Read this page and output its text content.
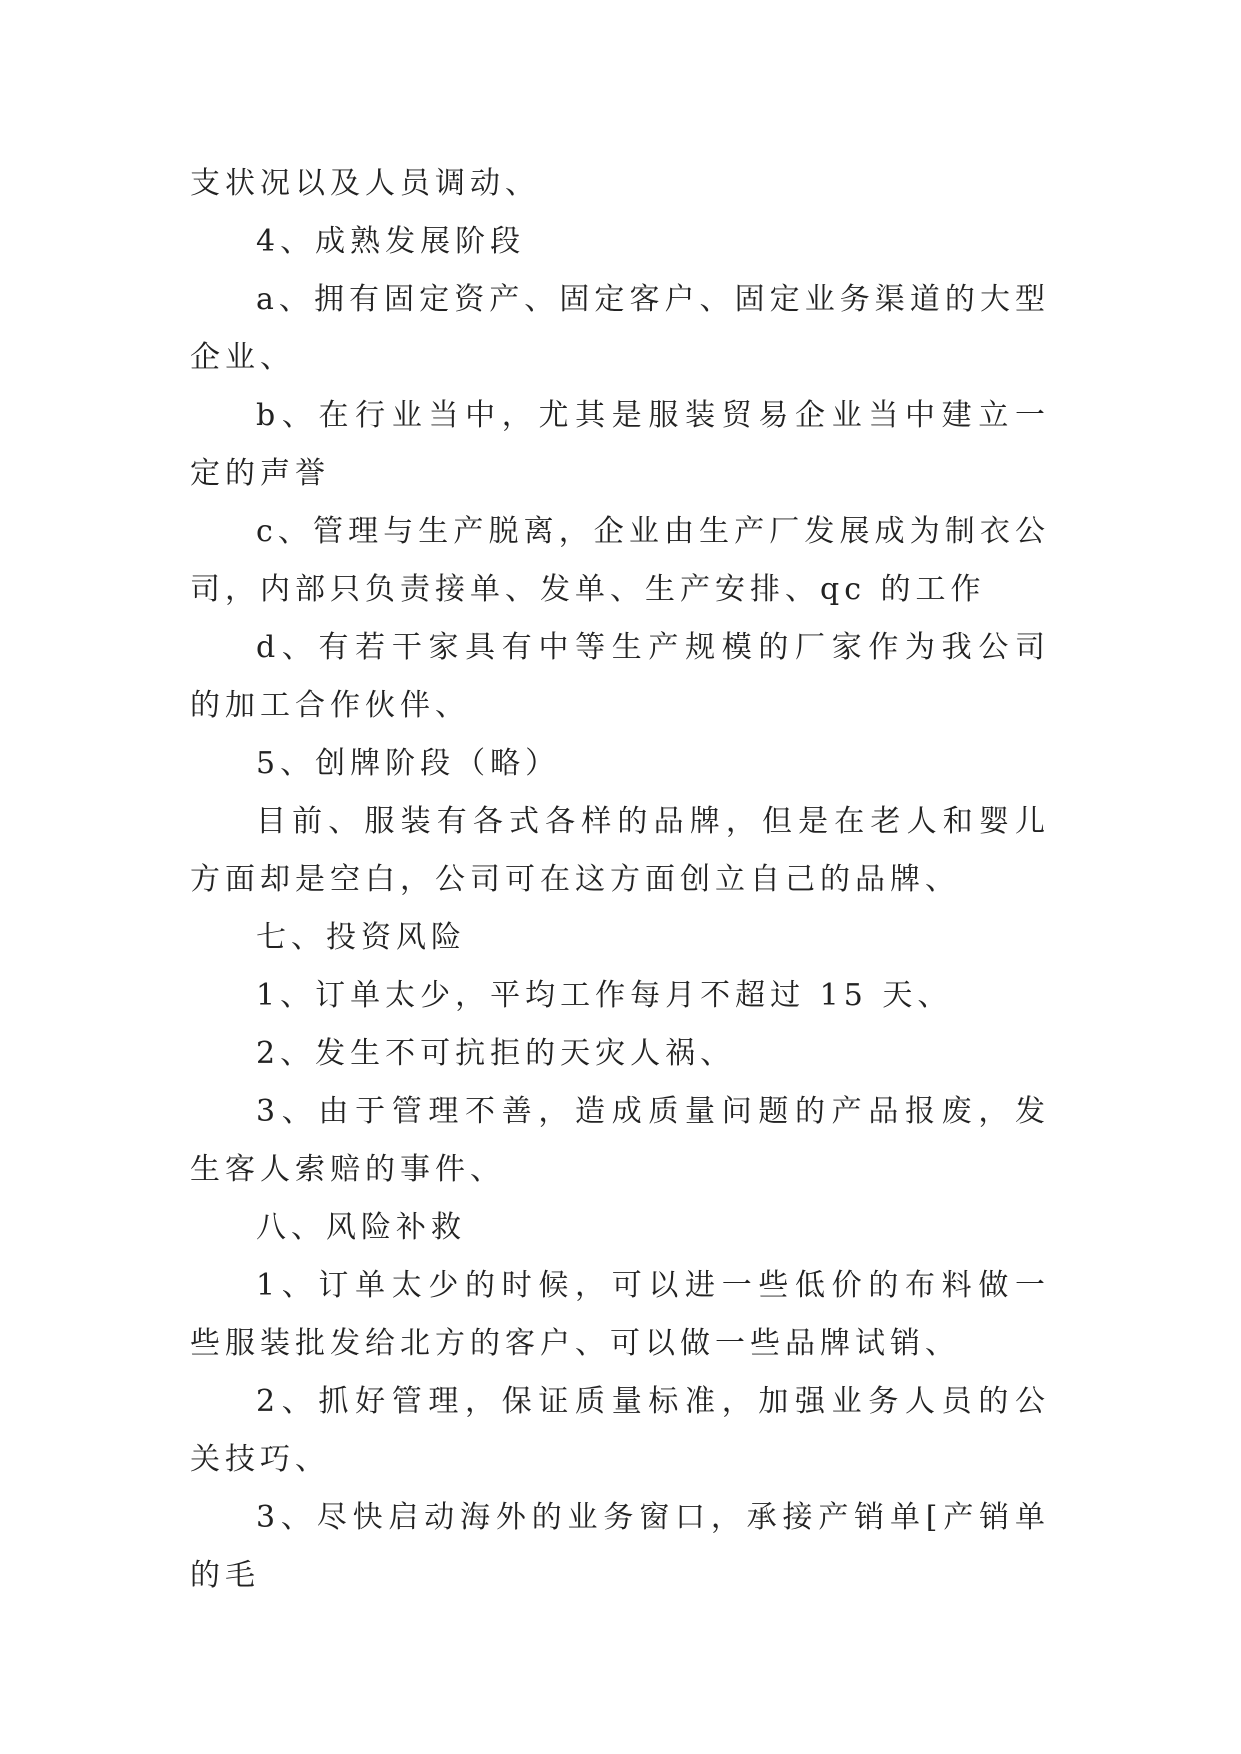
支状况以及人员调动、

4、成熟发展阶段

a、拥有固定资产、固定客户、固定业务渠道的大型企业、

b、在行业当中，尤其是服装贸易企业当中建立一定的声誉

c、管理与生产脱离，企业由生产厂发展成为制衣公司，内部只负责接单、发单、生产安排、qc 的工作

d、有若干家具有中等生产规模的厂家作为我公司的加工合作伙伴、

5、创牌阶段（略）

目前、服装有各式各样的品牌，但是在老人和婴儿方面却是空白，公司可在这方面创立自己的品牌、

七、投资风险

1、订单太少，平均工作每月不超过 15 天、

2、发生不可抗拒的天灾人祸、

3、由于管理不善，造成质量问题的产品报废，发生客人索赔的事件、

八、风险补救

1、订单太少的时候，可以进一些低价的布料做一些服装批发给北方的客户、可以做一些品牌试销、

2、抓好管理，保证质量标准，加强业务人员的公关技巧、

3、尽快启动海外的业务窗口，承接产销单[产销单的毛
